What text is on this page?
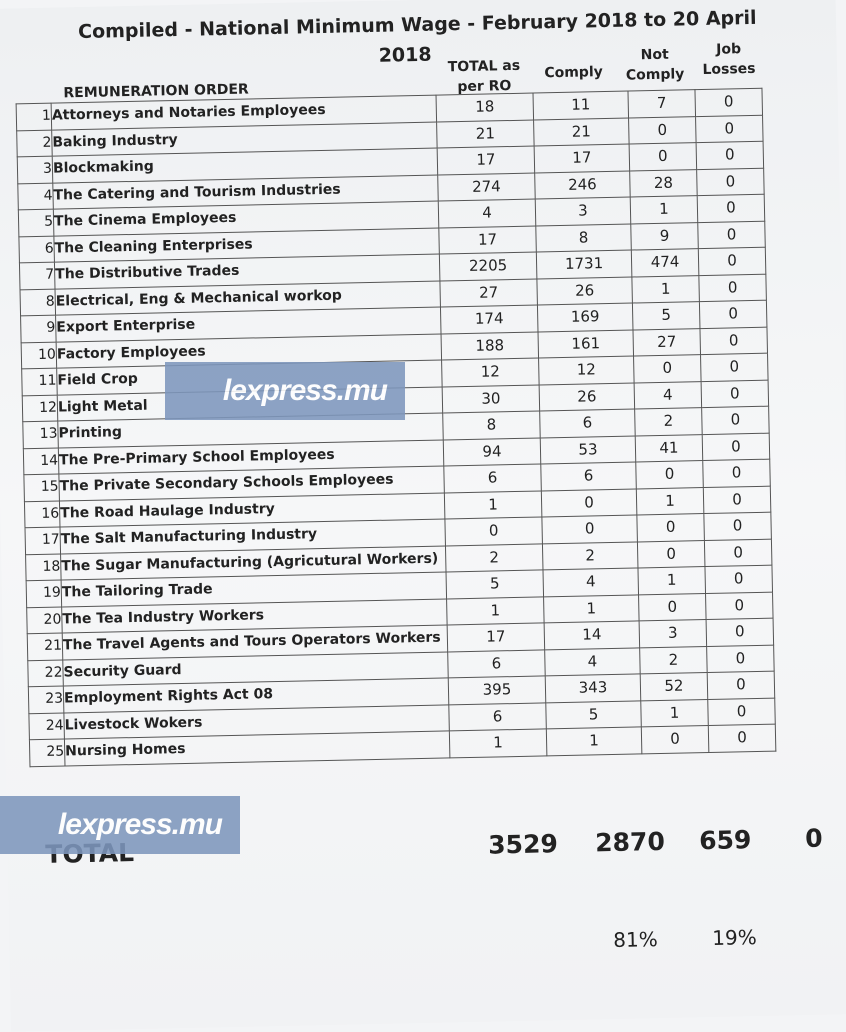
Compiled - National Minimum Wage - February 2018 to 20 April
2018
REMUNERATION ORDER
TOTAL as per RO
Comply
Not Comply
Job Losses
1	Attorneys and Notaries Employees	18	11	7	0
2	Baking Industry	21	21	0	0
3	Blockmaking	17	17	0	0
4	The Catering and Tourism Industries	274	246	28	0
5	The Cinema Employees	4	3	1	0
6	The Cleaning Enterprises	17	8	9	0
7	The Distributive Trades	2205	1731	474	0
8	Electrical, Eng & Mechanical workop	27	26	1	0
9	Export Enterprise	174	169	5	0
10	Factory Employees	188	161	27	0
11	Field Crop	12	12	0	0
12	Light Metal	30	26	4	0
13	Printing	8	6	2	0
14	The Pre-Primary School Employees	94	53	41	0
15	The Private Secondary Schools Employees	6	6	0	0
16	The Road Haulage Industry	1	0	1	0
17	The Salt Manufacturing Industry	0	0	0	0
18	The Sugar Manufacturing (Agricutural Workers)	2	2	0	0
19	The Tailoring Trade	5	4	1	0
20	The Tea Industry Workers	1	1	0	0
21	The Travel Agents and Tours Operators Workers	17	14	3	0
22	Security Guard	6	4	2	0
23	Employment Rights Act 08	395	343	52	0
24	Livestock Wokers	6	5	1	0
25	Nursing Homes	1	1	0	0
3529 2870 659 0
81%	19%
lexpress.mu
lexpress.mu
